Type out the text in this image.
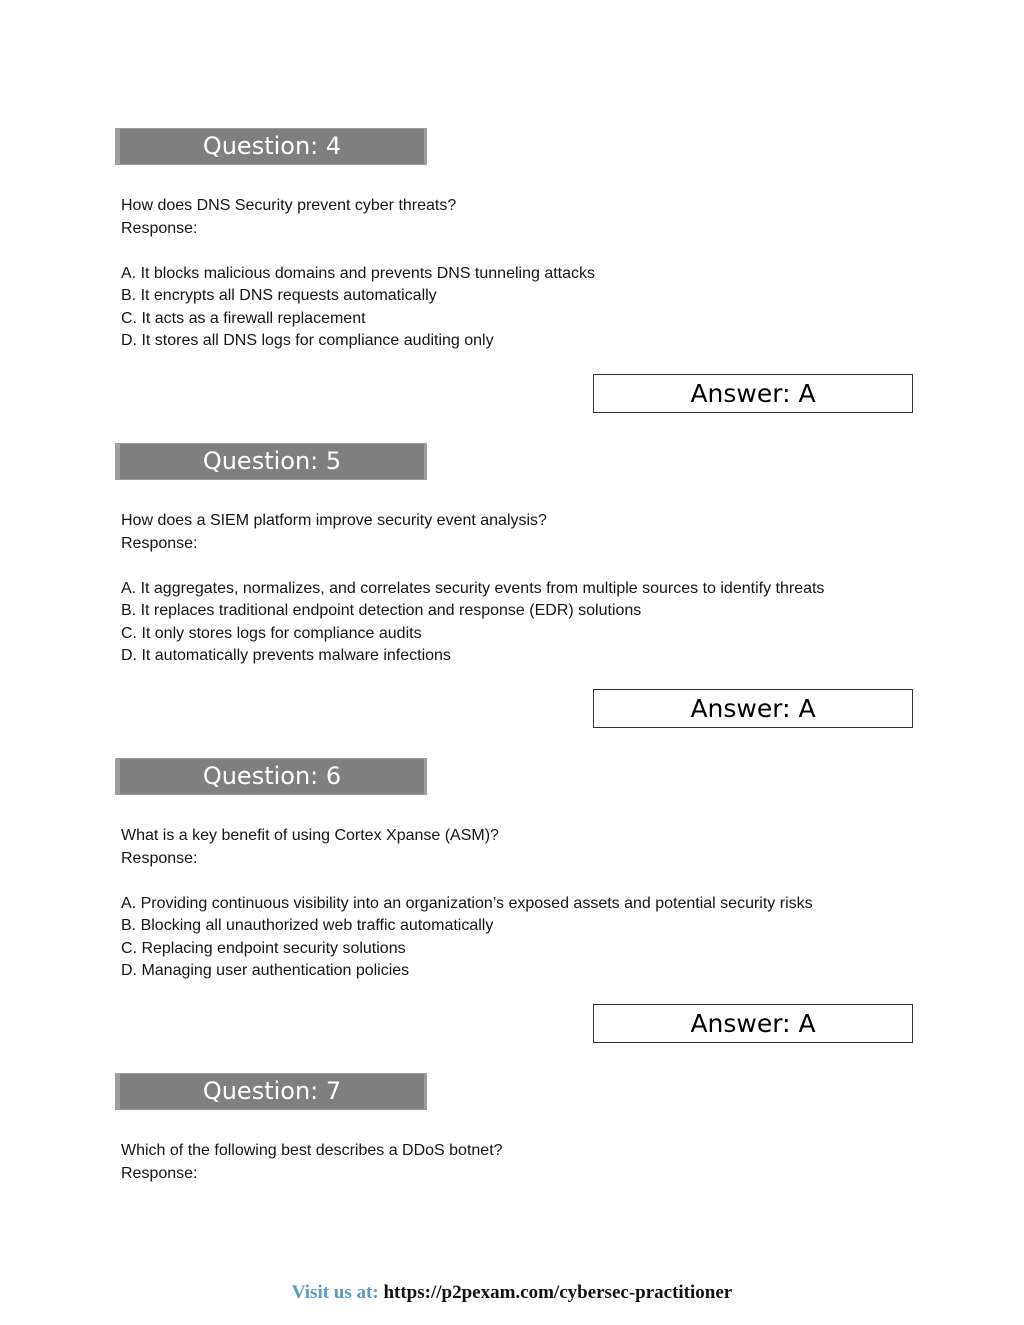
Question: 4
How does DNS Security prevent cyber threats?
Response:
A. It blocks malicious domains and prevents DNS tunneling attacks
B. It encrypts all DNS requests automatically
C. It acts as a firewall replacement
D. It stores all DNS logs for compliance auditing only
Answer: A
Question: 5
How does a SIEM platform improve security event analysis?
Response:
A. It aggregates, normalizes, and correlates security events from multiple sources to identify threats
B. It replaces traditional endpoint detection and response (EDR) solutions
C. It only stores logs for compliance audits
D. It automatically prevents malware infections
Answer: A
Question: 6
What is a key benefit of using Cortex Xpanse (ASM)?
Response:
A. Providing continuous visibility into an organization’s exposed assets and potential security risks
B. Blocking all unauthorized web traffic automatically
C. Replacing endpoint security solutions
D. Managing user authentication policies
Answer: A
Question: 7
Which of the following best describes a DDoS botnet?
Response:
Visit us at: https://p2pexam.com/cybersec-practitioner
